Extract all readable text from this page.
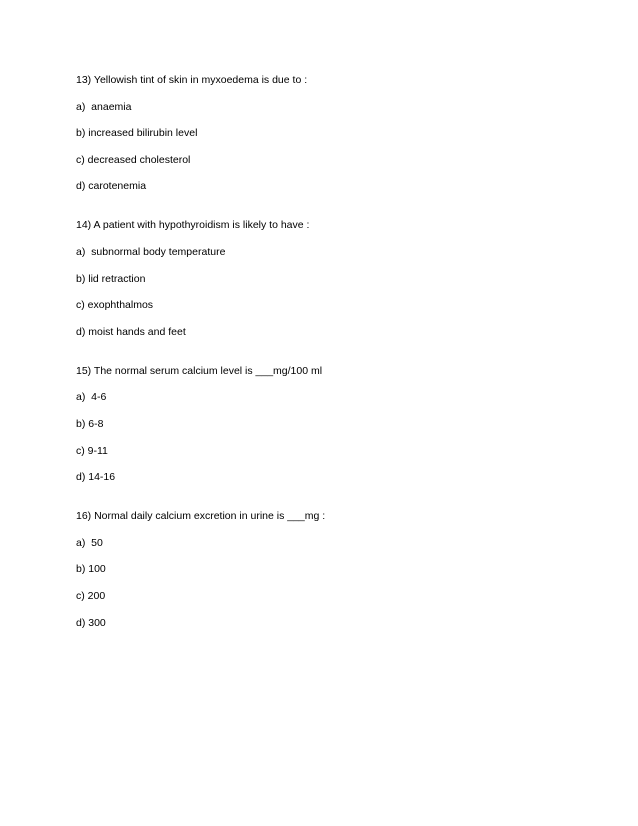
13) Yellowish tint of skin in myxoedema is due to :
a)  anaemia
b) increased bilirubin level
c) decreased cholesterol
d) carotenemia
14) A patient with hypothyroidism is likely to have :
a)  subnormal body temperature
b) lid retraction
c) exophthalmos
d) moist hands and feet
15) The normal serum calcium level is ___mg/100 ml
a)  4-6
b) 6-8
c) 9-11
d) 14-16
16) Normal daily calcium excretion in urine is ___mg :
a)  50
b) 100
c) 200
d) 300
